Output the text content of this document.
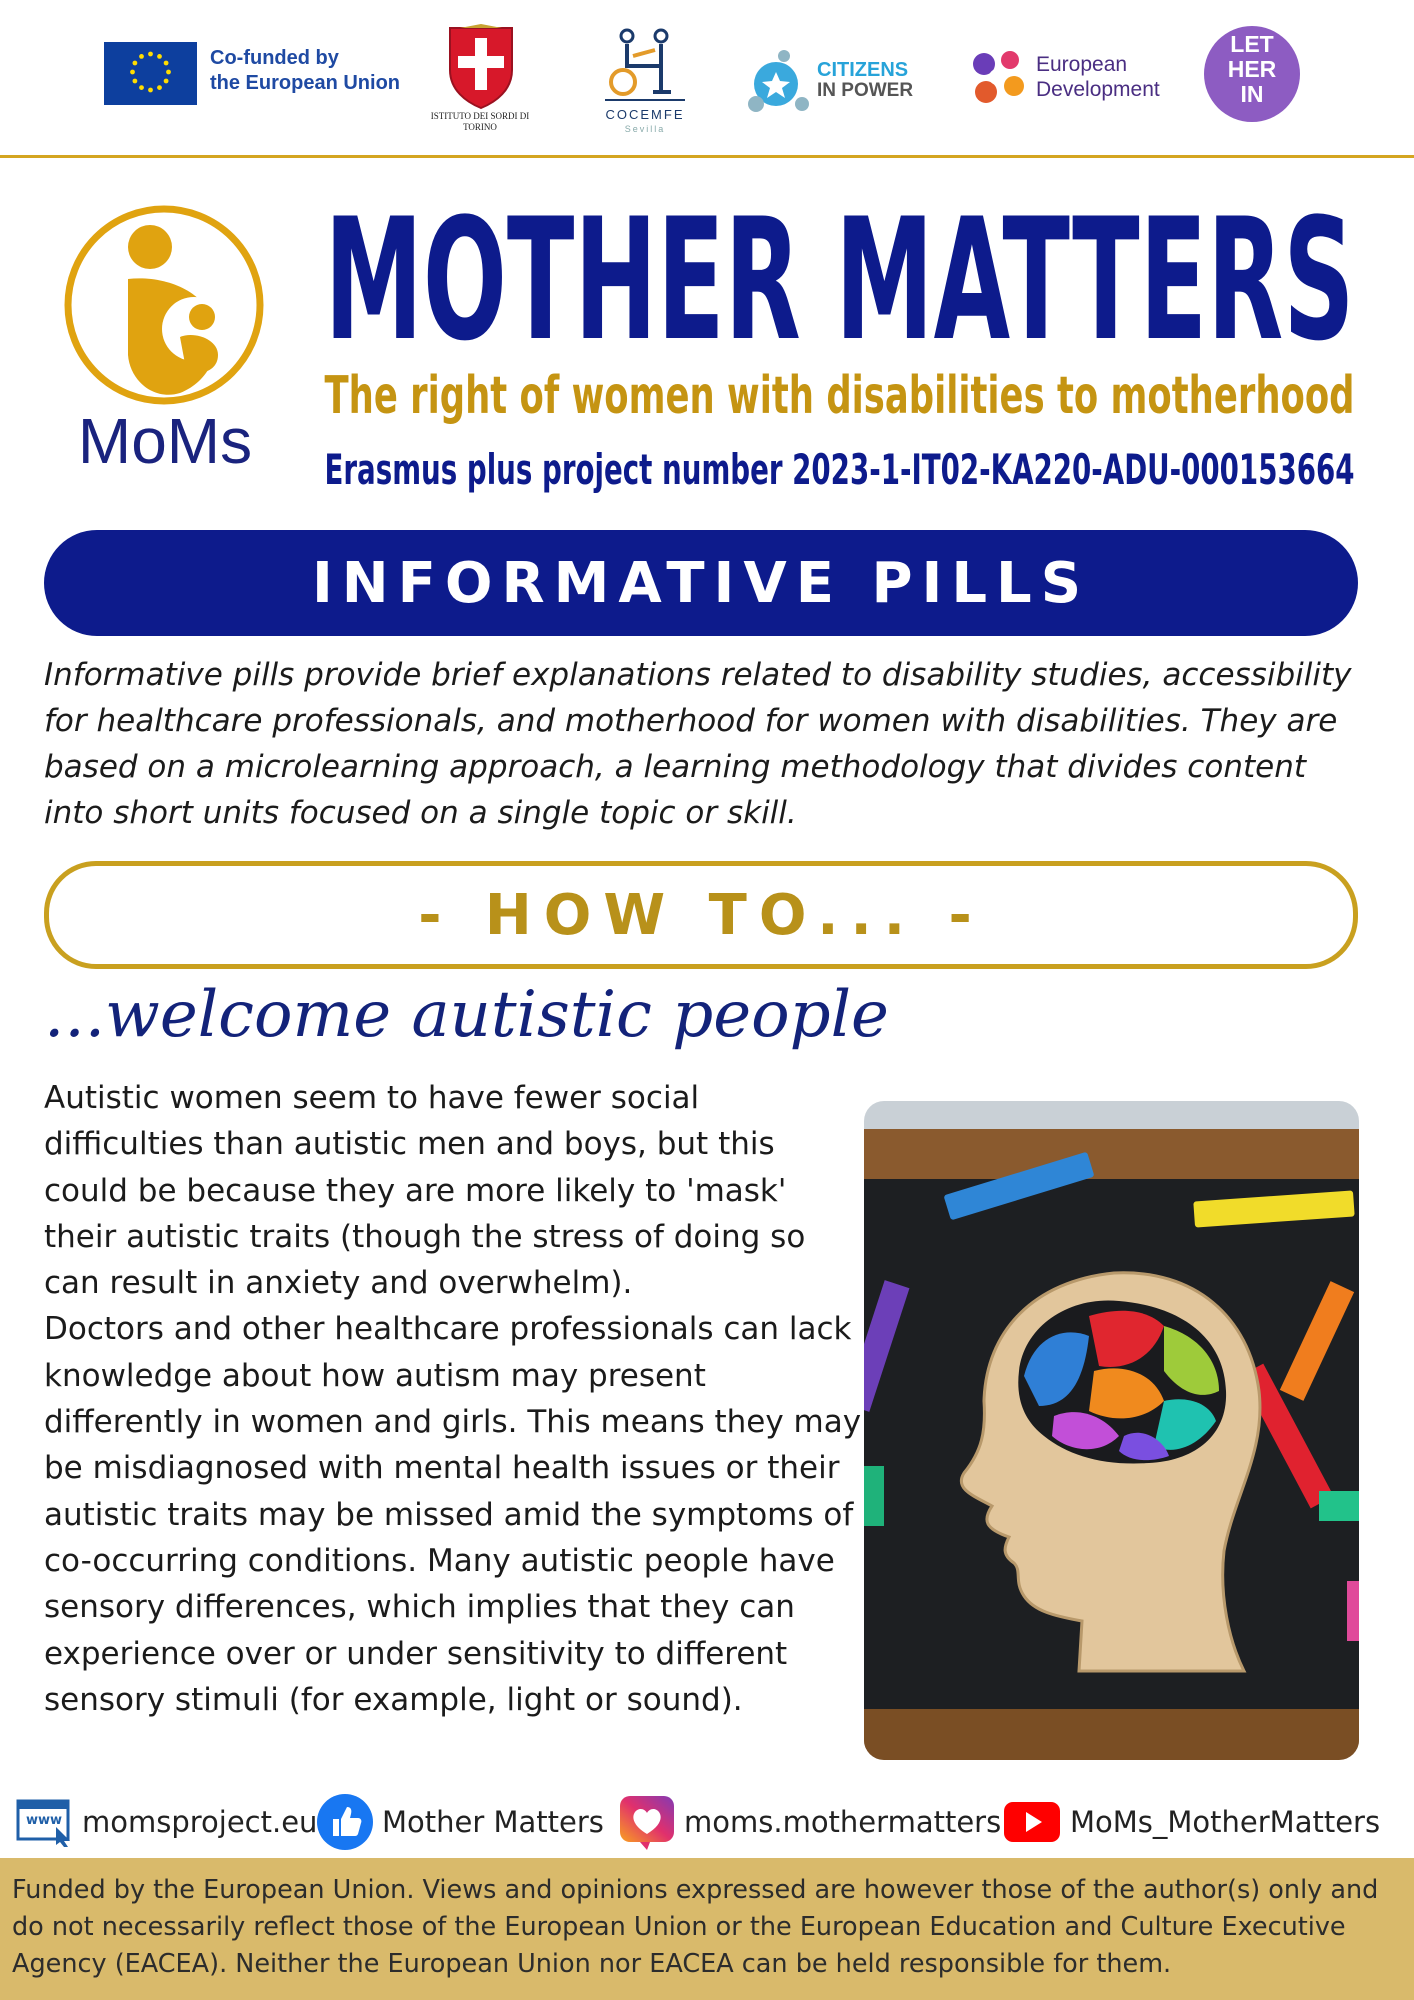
Co-funded by
the European Union
ISTITUTO DEI SORDI DI TORINO
COCEMFE
Sevilla
CITIZENS
IN POWER
European
Development
LET
HER
IN
MoMs
MOTHER MATTERS
The right of women with disabilities to motherhood
Erasmus plus project number 2023-1-IT02-KA220-ADU-000153664
INFORMATIVE PILLS
Informative pills provide brief explanations related to disability studies, accessibility for healthcare professionals, and motherhood for women with disabilities. They are based on a microlearning approach, a learning methodology that divides content into short units focused on a single topic or skill.
- HOW TO... -
...welcome autistic people

Autistic women seem to have fewer social difficulties than autistic men and boys, but this could be because they are more likely to 'mask' their autistic traits (though the stress of doing so can result in anxiety and overwhelm).

Doctors and other healthcare professionals can lack knowledge about how autism may present differently in women and girls. This means they may be misdiagnosed with mental health issues or their autistic traits may be missed amid the symptoms of co-occurring conditions. Many autistic people have sensory differences, which implies that they can experience over or under sensitivity to different sensory stimuli (for example, light or sound).

www momsproject.eu Mother Matters	moms.mothermatters MoMs_MotherMatters
Funded by the European Union. Views and opinions expressed are however those of the author(s) only and do not necessarily reflect those of the European Union or the European Education and Culture Executive Agency (EACEA). Neither the European Union nor EACEA can be held responsible for them.
